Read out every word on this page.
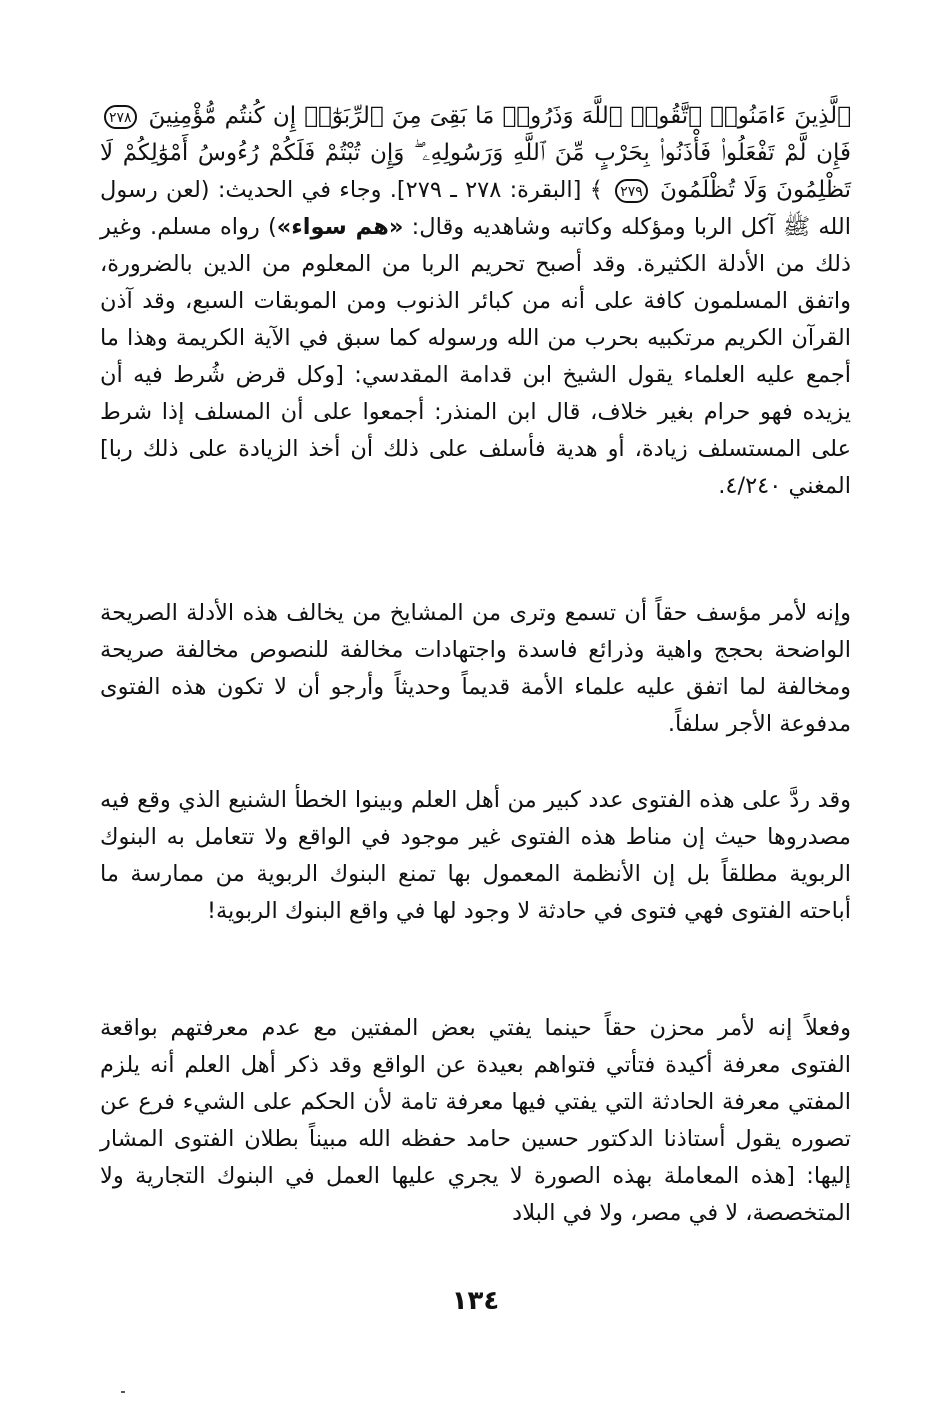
ٱلَّذِينَ ءَامَنُوا۟ ٱتَّقُوا۟ ٱللَّهَ وَذَرُوا۟ مَا بَقِىَ مِنَ ٱلرِّبَوٰٓا۟ إِن كُنتُم مُّؤْمِنِينَ ٢٧٨ فَإِن لَّمْ تَفْعَلُوا۟ فَأْذَنُوا۟ بِحَرْبٍ مِّنَ ٱللَّهِ وَرَسُولِهِۦ ۖ وَإِن تُبْتُمْ فَلَكُمْ رُءُوسُ أَمْوَٰلِكُمْ لَا تَظْلِمُونَ وَلَا تُظْلَمُونَ ٢٧٩ ﴾ [البقرة: ٢٧٨ ـ ٢٧٩]. وجاء في الحديث: (لعن رسول الله ﷺ آكل الربا ومؤكله وكاتبه وشاهديه وقال: «هم سواء») رواه مسلم. وغير ذلك من الأدلة الكثيرة. وقد أصبح تحريم الربا من المعلوم من الدين بالضرورة، واتفق المسلمون كافة على أنه من كبائر الذنوب ومن الموبقات السبع، وقد آذن القرآن الكريم مرتكبيه بحرب من الله ورسوله كما سبق في الآية الكريمة وهذا ما أجمع عليه العلماء يقول الشيخ ابن قدامة المقدسي: [وكل قرض شُرط فيه أن يزيده فهو حرام بغير خلاف، قال ابن المنذر: أجمعوا على أن المسلف إذا شرط على المستسلف زيادة، أو هدية فأسلف على ذلك أن أخذ الزيادة على ذلك ربا] المغني ٤/٢٤٠.
وإنه لأمر مؤسف حقاً أن تسمع وترى من المشايخ من يخالف هذه الأدلة الصريحة الواضحة بحجج واهية وذرائع فاسدة واجتهادات مخالفة للنصوص مخالفة صريحة ومخالفة لما اتفق عليه علماء الأمة قديماً وحديثاً وأرجو أن لا تكون هذه الفتوى مدفوعة الأجر سلفاً.
وقد ردَّ على هذه الفتوى عدد كبير من أهل العلم وبينوا الخطأ الشنيع الذي وقع فيه مصدروها حيث إن مناط هذه الفتوى غير موجود في الواقع ولا تتعامل به البنوك الربوية مطلقاً بل إن الأنظمة المعمول بها تمنع البنوك الربوية من ممارسة ما أباحته الفتوى فهي فتوى في حادثة لا وجود لها في واقع البنوك الربوية!
وفعلاً إنه لأمر محزن حقاً حينما يفتي بعض المفتين مع عدم معرفتهم بواقعة الفتوى معرفة أكيدة فتأتي فتواهم بعيدة عن الواقع وقد ذكر أهل العلم أنه يلزم المفتي معرفة الحادثة التي يفتي فيها معرفة تامة لأن الحكم على الشيء فرع عن تصوره يقول أستاذنا الدكتور حسين حامد حفظه الله مبيناً بطلان الفتوى المشار إليها: [هذه المعاملة بهذه الصورة لا يجري عليها العمل في البنوك التجارية ولا المتخصصة، لا في مصر، ولا في البلاد
١٣٤
